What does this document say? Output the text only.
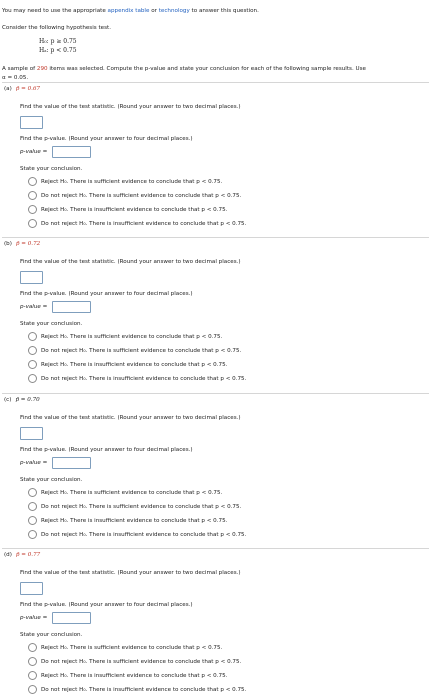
You may need to use the appropriate appendix table or technology to answer this question.
Consider the following hypothesis test.
H₀: p ≥ 0.75
Hₐ: p < 0.75
A sample of 290 items was selected. Compute the p-value and state your conclusion for each of the following sample results. Use
α = 0.05.
(a) p̄ = 0.67
Find the value of the test statistic. (Round your answer to two decimal places.)
Find the p-value. (Round your answer to four decimal places.)
p-value =
State your conclusion.
Reject H₀. There is sufficient evidence to conclude that p < 0.75.
Do not reject H₀. There is sufficient evidence to conclude that p < 0.75.
Reject H₀. There is insufficient evidence to conclude that p < 0.75.
Do not reject H₀. There is insufficient evidence to conclude that p < 0.75.
(b) p̄ = 0.72
Find the value of the test statistic. (Round your answer to two decimal places.)
Find the p-value. (Round your answer to four decimal places.)
p-value =
State your conclusion.
Reject H₀. There is sufficient evidence to conclude that p < 0.75.
Do not reject H₀. There is sufficient evidence to conclude that p < 0.75.
Reject H₀. There is insufficient evidence to conclude that p < 0.75.
Do not reject H₀. There is insufficient evidence to conclude that p < 0.75.
(c) p̄ = 0.70
Find the value of the test statistic. (Round your answer to two decimal places.)
Find the p-value. (Round your answer to four decimal places.)
p-value =
State your conclusion.
Reject H₀. There is sufficient evidence to conclude that p < 0.75.
Do not reject H₀. There is sufficient evidence to conclude that p < 0.75.
Reject H₀. There is insufficient evidence to conclude that p < 0.75.
Do not reject H₀. There is insufficient evidence to conclude that p < 0.75.
(d) p̄ = 0.77
Find the value of the test statistic. (Round your answer to two decimal places.)
Find the p-value. (Round your answer to four decimal places.)
p-value =
State your conclusion.
Reject H₀. There is sufficient evidence to conclude that p < 0.75.
Do not reject H₀. There is sufficient evidence to conclude that p < 0.75.
Reject H₀. There is insufficient evidence to conclude that p < 0.75.
Do not reject H₀. There is insufficient evidence to conclude that p < 0.75.
